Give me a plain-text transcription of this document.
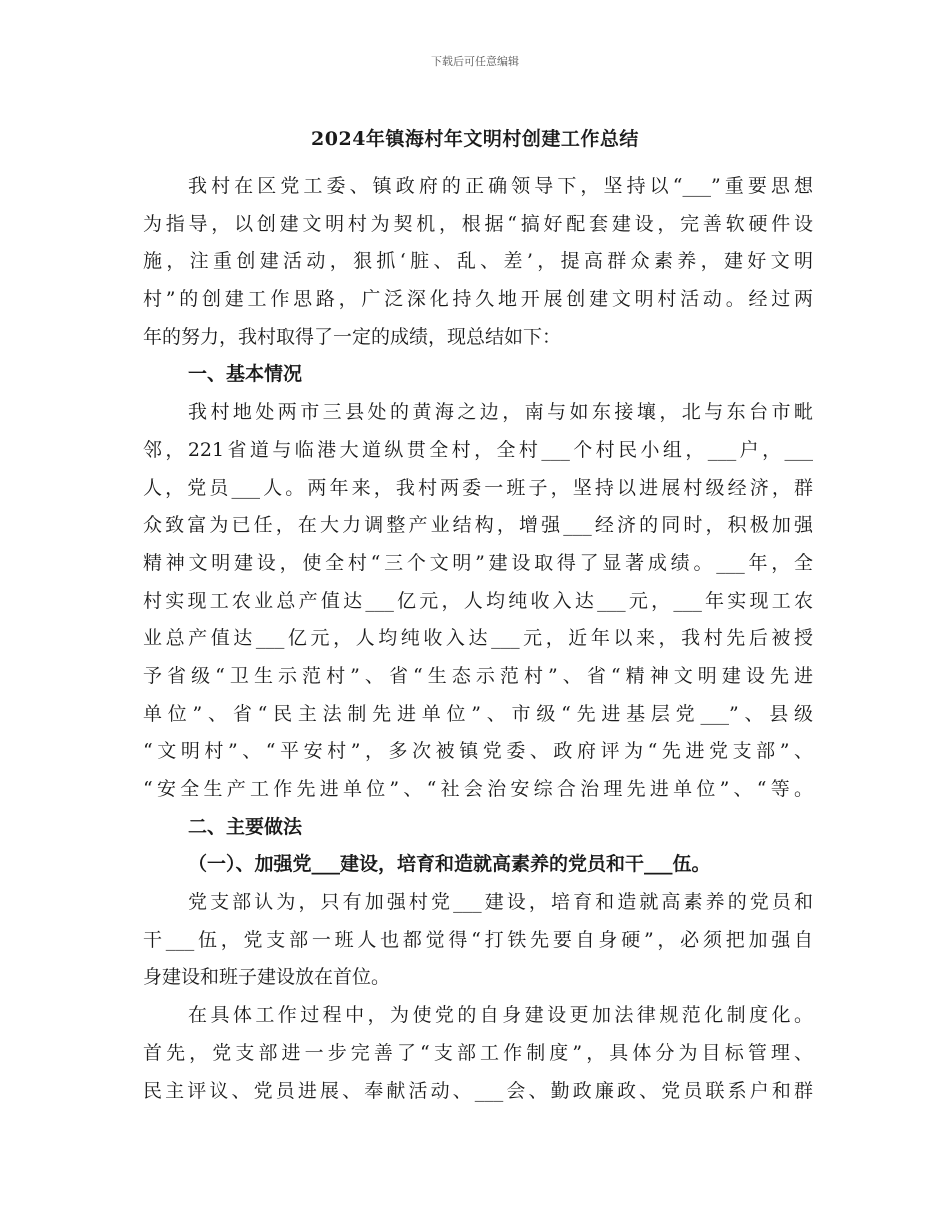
下载后可任意编辑
2024年镇海村年文明村创建工作总结
我村在区党工委、镇政府的正确领导下，坚持以“___”重要思想
为指导，以创建文明村为契机，根据“搞好配套建设，完善软硬件设
施，注重创建活动，狠抓‘脏、乱、差’，提高群众素养，建好文明
村”的创建工作思路，广泛深化持久地开展创建文明村活动。经过两
年的努力，我村取得了一定的成绩，现总结如下：
一、基本情况
我村地处两市三县处的黄海之边，南与如东接壤，北与东台市毗
邻，221省道与临港大道纵贯全村，全村___个村民小组，___户，___
人，党员___人。两年来，我村两委一班子，坚持以进展村级经济，群
众致富为已任，在大力调整产业结构，增强___经济的同时，积极加强
精神文明建设，使全村“三个文明”建设取得了显著成绩。___年，全
村实现工农业总产值达___亿元，人均纯收入达___元，___年实现工农
业总产值达___亿元，人均纯收入达___元，近年以来，我村先后被授
予省级“卫生示范村”、省“生态示范村”、省“精神文明建设先进
单位”、省“民主法制先进单位”、市级“先进基层党___”、县级
“文明村”、“平安村”，多次被镇党委、政府评为“先进党支部”、
“安全生产工作先进单位”、“社会治安综合治理先进单位”、“等。
二、主要做法
（一）、加强党___建设，培育和造就高素养的党员和干___伍。
党支部认为，只有加强村党___建设，培育和造就高素养的党员和
干___伍，党支部一班人也都觉得“打铁先要自身硬”，必须把加强自
身建设和班子建设放在首位。
在具体工作过程中，为使党的自身建设更加法律规范化制度化。
首先，党支部进一步完善了“支部工作制度”，具体分为目标管理、
民主评议、党员进展、奉献活动、___会、勤政廉政、党员联系户和群
